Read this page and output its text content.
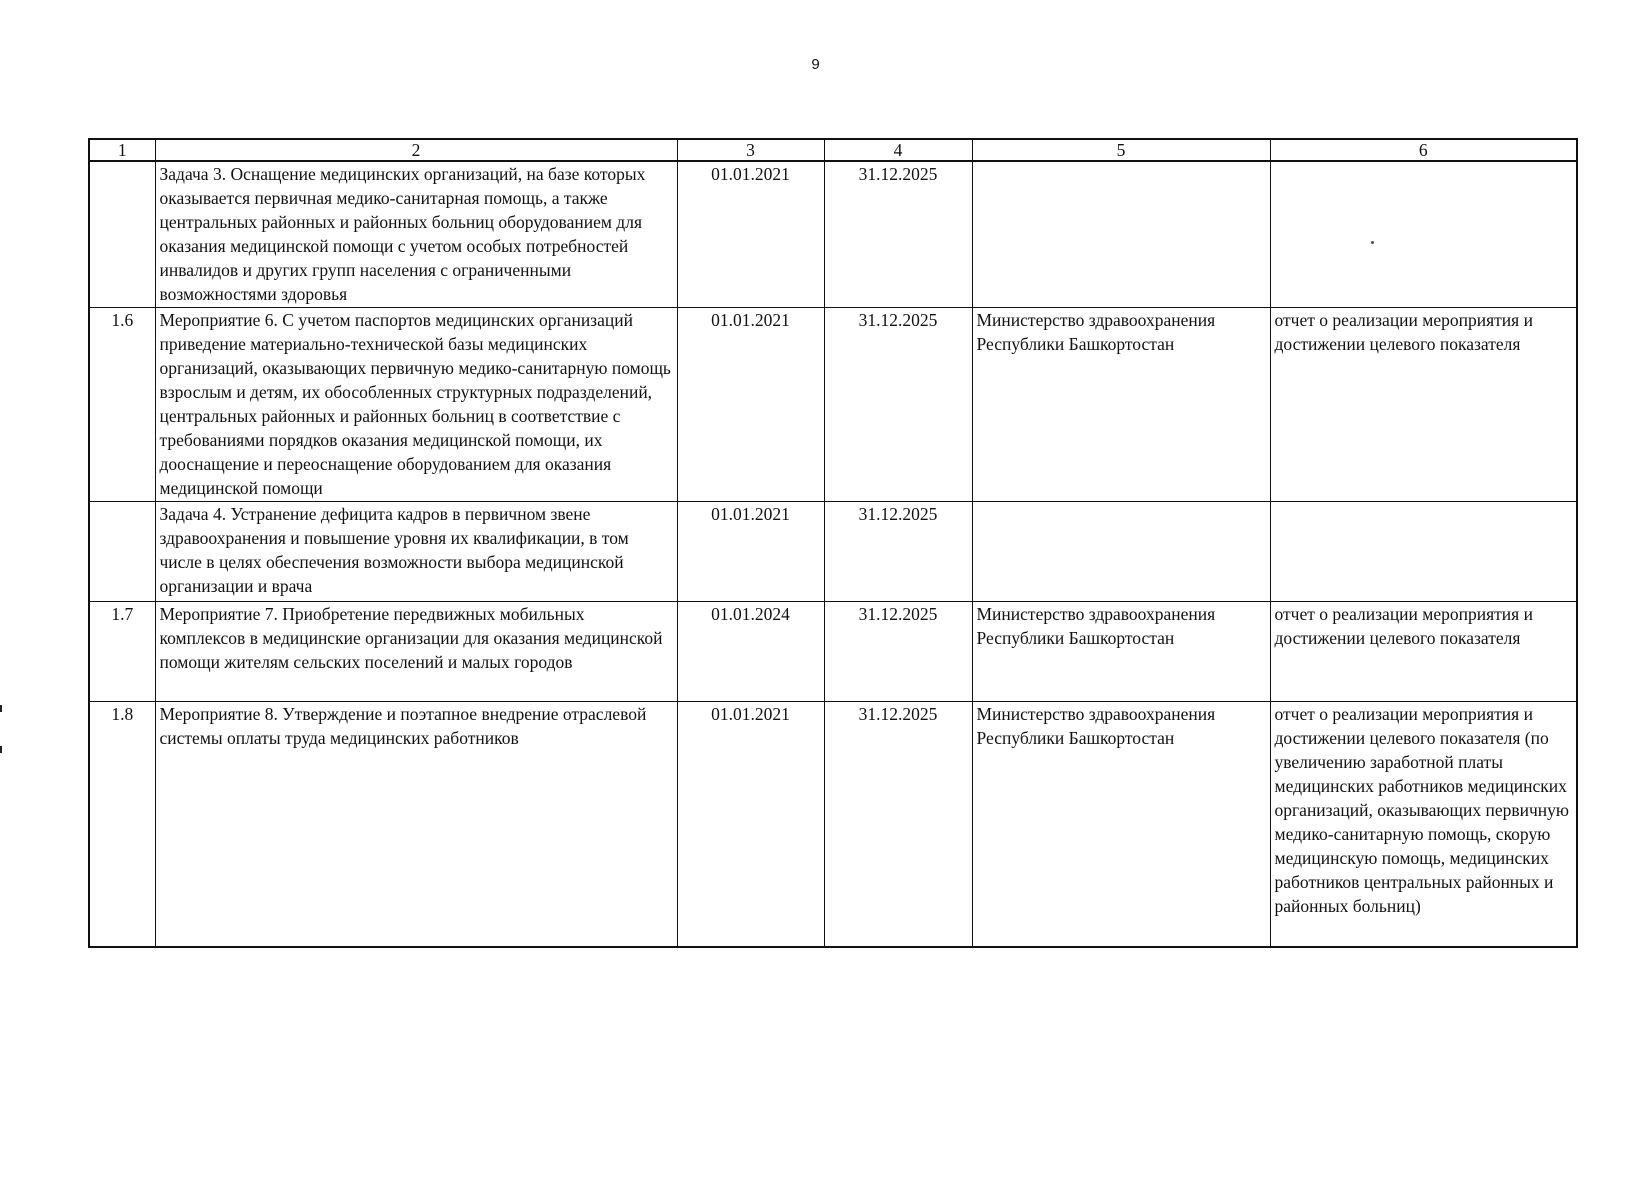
9
1	2	3	4	5	6
	Задача 3. Оснащение медицинских организаций, на базе которых оказывается первичная медико-санитарная помощь, а также центральных районных и районных больниц оборудованием для оказания медицинской помощи с учетом особых потребностей инвалидов и других групп населения с ограниченными возможностями здоровья	01.01.2021	31.12.2025		
1.6	Мероприятие 6. С учетом паспортов медицинских организаций приведение материально-технической базы медицинских организаций, оказывающих первичную медико-санитарную помощь взрослым и детям, их обособленных структурных подразделений, центральных районных и районных больниц в соответствие с требованиями порядков оказания медицинской помощи, их дооснащение и переоснащение оборудованием для оказания медицинской помощи	01.01.2021	31.12.2025	Министерство здравоохранения Республики Башкортостан	отчет о реализации мероприятия и достижении целевого показателя
	Задача 4. Устранение дефицита кадров в первичном звене здравоохранения и повышение уровня их квалификации, в том числе в целях обеспечения возможности выбора медицинской организации и врача	01.01.2021	31.12.2025		
1.7	Мероприятие 7. Приобретение передвижных мобильных комплексов в медицинские организации для оказания медицинской помощи жителям сельских поселений и малых городов	01.01.2024	31.12.2025	Министерство здравоохранения Республики Башкортостан	отчет о реализации мероприятия и достижении целевого показателя
1.8	Мероприятие 8. Утверждение и поэтапное внедрение отраслевой системы оплаты труда медицинских работников	01.01.2021	31.12.2025	Министерство здравоохранения Республики Башкортостан	отчет о реализации мероприятия и достижении целевого показателя (по увеличению заработной платы медицинских работников медицинских организаций, оказывающих первичную медико-санитарную помощь, скорую медицинскую помощь, медицинских работников центральных районных и районных больниц)
